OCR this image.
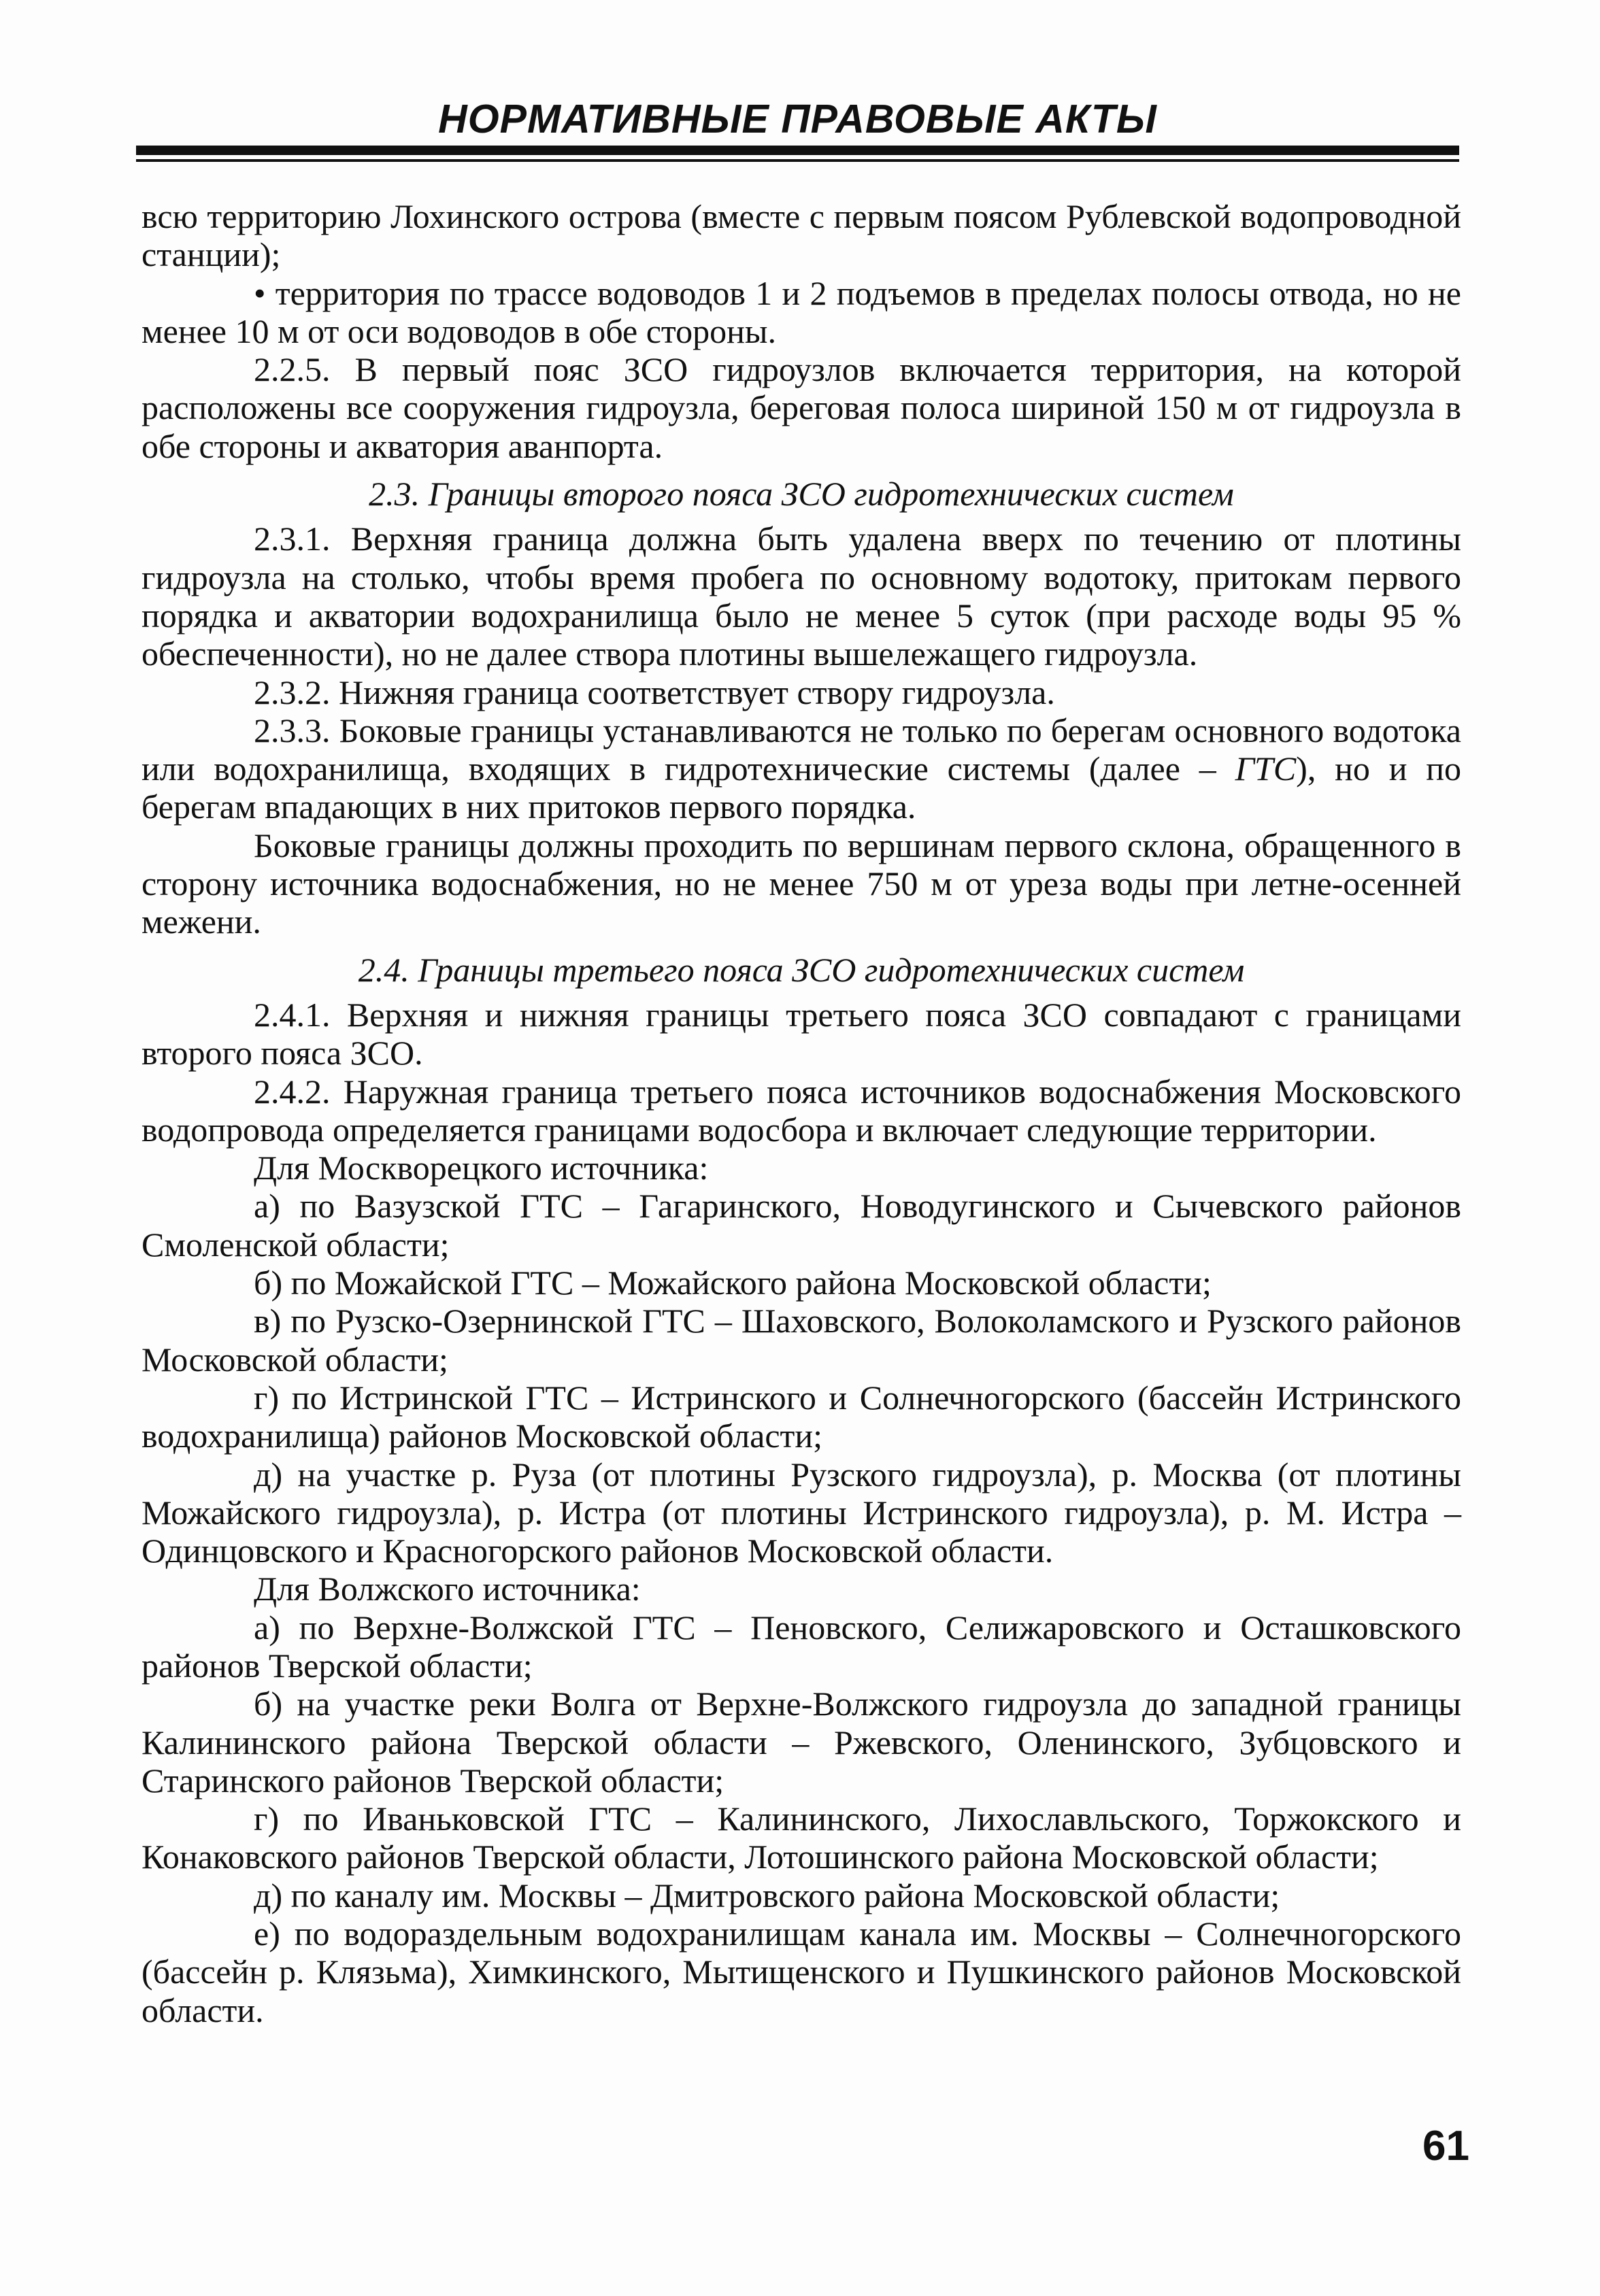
НОРМАТИВНЫЕ ПРАВОВЫЕ АКТЫ

всю территорию Лохинского острова (вместе с первым поясом Рублевской водопроводной станции);

• территория по трассе водоводов 1 и 2 подъемов в пределах полосы отвода, но не менее 10 м от оси водоводов в обе стороны.

2.2.5. В первый пояс ЗСО гидроузлов включается территория, на которой расположены все сооружения гидроузла, береговая полоса шириной 150 м от гидроузла в обе стороны и акватория аванпорта.

2.3. Границы второго пояса ЗСО гидротехнических систем

2.3.1. Верхняя граница должна быть удалена вверх по течению от плотины гидроузла на столько, чтобы время пробега по основному водотоку, притокам первого порядка и акватории водохранилища было не менее 5 суток (при расходе воды 95 % обеспеченности), но не далее створа плотины вышележащего гидроузла.

2.3.2. Нижняя граница соответствует створу гидроузла.

2.3.3. Боковые границы устанавливаются не только по берегам основного водотока или водохранилища, входящих в гидротехнические системы (далее – ГТС), но и по берегам впадающих в них притоков первого порядка.

Боковые границы должны проходить по вершинам первого склона, обращенного в сторону источника водоснабжения, но не менее 750 м от уреза воды при летне-осенней межени.

2.4. Границы третьего пояса ЗСО гидротехнических систем

2.4.1. Верхняя и нижняя границы третьего пояса ЗСО совпадают с границами второго пояса ЗСО.

2.4.2. Наружная граница третьего пояса источников водоснабжения Московского водопровода определяется границами водосбора и включает следующие территории.

Для Москворецкого источника:

а) по Вазузской ГТС – Гагаринского, Новодугинского и Сычевского районов Смоленской области;

б) по Можайской ГТС – Можайского района Московской области;

в) по Рузско-Озернинской ГТС – Шаховского, Волоколамского и Рузского районов Московской области;

г) по Истринской ГТС – Истринского и Солнечногорского (бассейн Истринского водохранилища) районов Московской области;

д) на участке р. Руза (от плотины Рузского гидроузла), р. Москва (от плотины Можайского гидроузла), р. Истра (от плотины Истринского гидроузла), р. М. Истра – Одинцовского и Красногорского районов Московской области.

Для Волжского источника:

а) по Верхне-Волжской ГТС – Пеновского, Селижаровского и Осташковского районов Тверской области;

б) на участке реки Волга от Верхне-Волжского гидроузла до западной границы Калининского района Тверской области – Ржевского, Оленинского, Зубцовского и Старинского районов Тверской области;

г) по Иваньковской ГТС – Калининского, Лихославльского, Торжокского и Конаковского районов Тверской области, Лотошинского района Московской области;

д) по каналу им. Москвы – Дмитровского района Московской области;

е) по водораздельным водохранилищам канала им. Москвы – Солнечногорского (бассейн р. Клязьма), Химкинского, Мытищенского и Пушкинского районов Московской области.

61
